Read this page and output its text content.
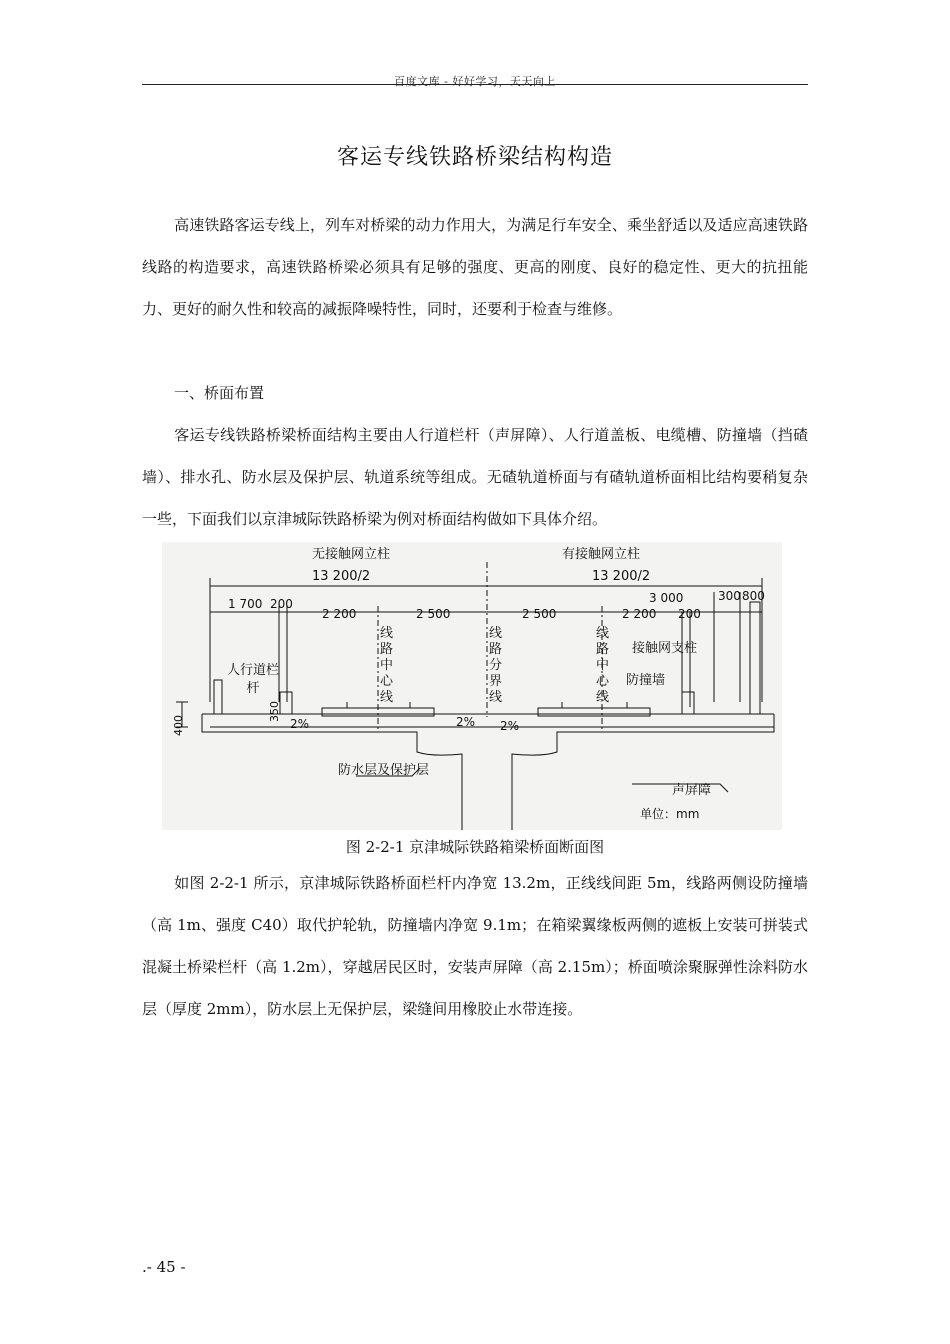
百度文库 - 好好学习，天天向上
客运专线铁路桥梁结构构造
高速铁路客运专线上，列车对桥梁的动力作用大，为满足行车安全、乘坐舒适以及适应高速铁路线路的构造要求，高速铁路桥梁必须具有足够的强度、更高的刚度、良好的稳定性、更大的抗扭能力、更好的耐久性和较高的减振降噪特性，同时，还要利于检查与维修。
一、桥面布置
客运专线铁路桥梁桥面结构主要由人行道栏杆（声屏障）、人行道盖板、电缆槽、防撞墙（挡碴墙）、排水孔、防水层及保护层、轨道系统等组成。无碴轨道桥面与有碴轨道桥面相比结构要稍复杂一些，下面我们以京津城际铁路桥梁为例对桥面结构做如下具体介绍。
无接触网立柱	有接触网立柱
13 200/2	13 200/2
1 700 200
2 200	2 500	2 500	2 200 200
3 000	300 800
400
350
2%	2% 2%
人行道栏杆
线路中心线
线路分界线
线路中心线
接触网支柱
防撞墙
防水层及保护层
声屏障
单位：mm
图 2-2-1 京津城际铁路箱梁桥面断面图
如图 2-2-1 所示，京津城际铁路桥面栏杆内净宽 13.2m，正线线间距 5m，线路两侧设防撞墙（高 1m、强度 C40）取代护轮轨，防撞墙内净宽 9.1m；在箱梁翼缘板两侧的遮板上安装可拼装式混凝土桥梁栏杆（高 1.2m），穿越居民区时，安装声屏障（高 2.15m）；桥面喷涂聚脲弹性涂料防水层（厚度 2mm），防水层上无保护层，梁缝间用橡胶止水带连接。
.- 45 -
